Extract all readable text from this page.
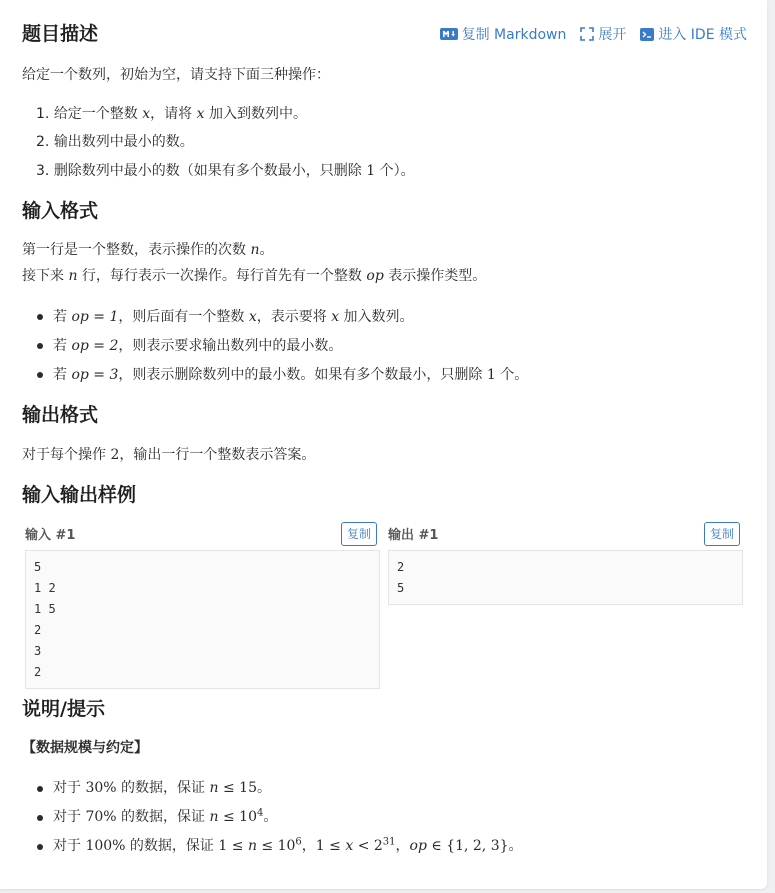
复制 Markdown 展开 进入 IDE 模式
题目描述

给定一个数列，初始为空，请支持下面三种操作：

1. 给定一个整数 x，请将 x 加入到数列中。
2. 输出数列中最小的数。
3. 删除数列中最小的数（如果有多个数最小，只删除 1 个）。
输入格式

第一行是一个整数，表示操作的次数 n。

接下来 n 行，每行表示一次操作。每行首先有一个整数 op 表示操作类型。

若 op = 1，则后面有一个整数 x，表示要将 x 加入数列。
若 op = 2，则表示要求输出数列中的最小数。
若 op = 3，则表示删除数列中的最小数。如果有多个数最小，只删除 1 个。
输出格式

对于每个操作 2，输出一行一个整数表示答案。

输入输出样例
输入 #1	复制	输出 #1	复制
5
1 2
1 5
2
3
2
2
5
说明/提示

【数据规模与约定】

对于 30% 的数据，保证 n ≤ 15。
对于 70% 的数据，保证 $n \le 10^4$。
对于 100% 的数据，保证 $1 \le n \le 10^6$，$1 \le x < 2^{31}$，op ∈ {1, 2, 3}。
